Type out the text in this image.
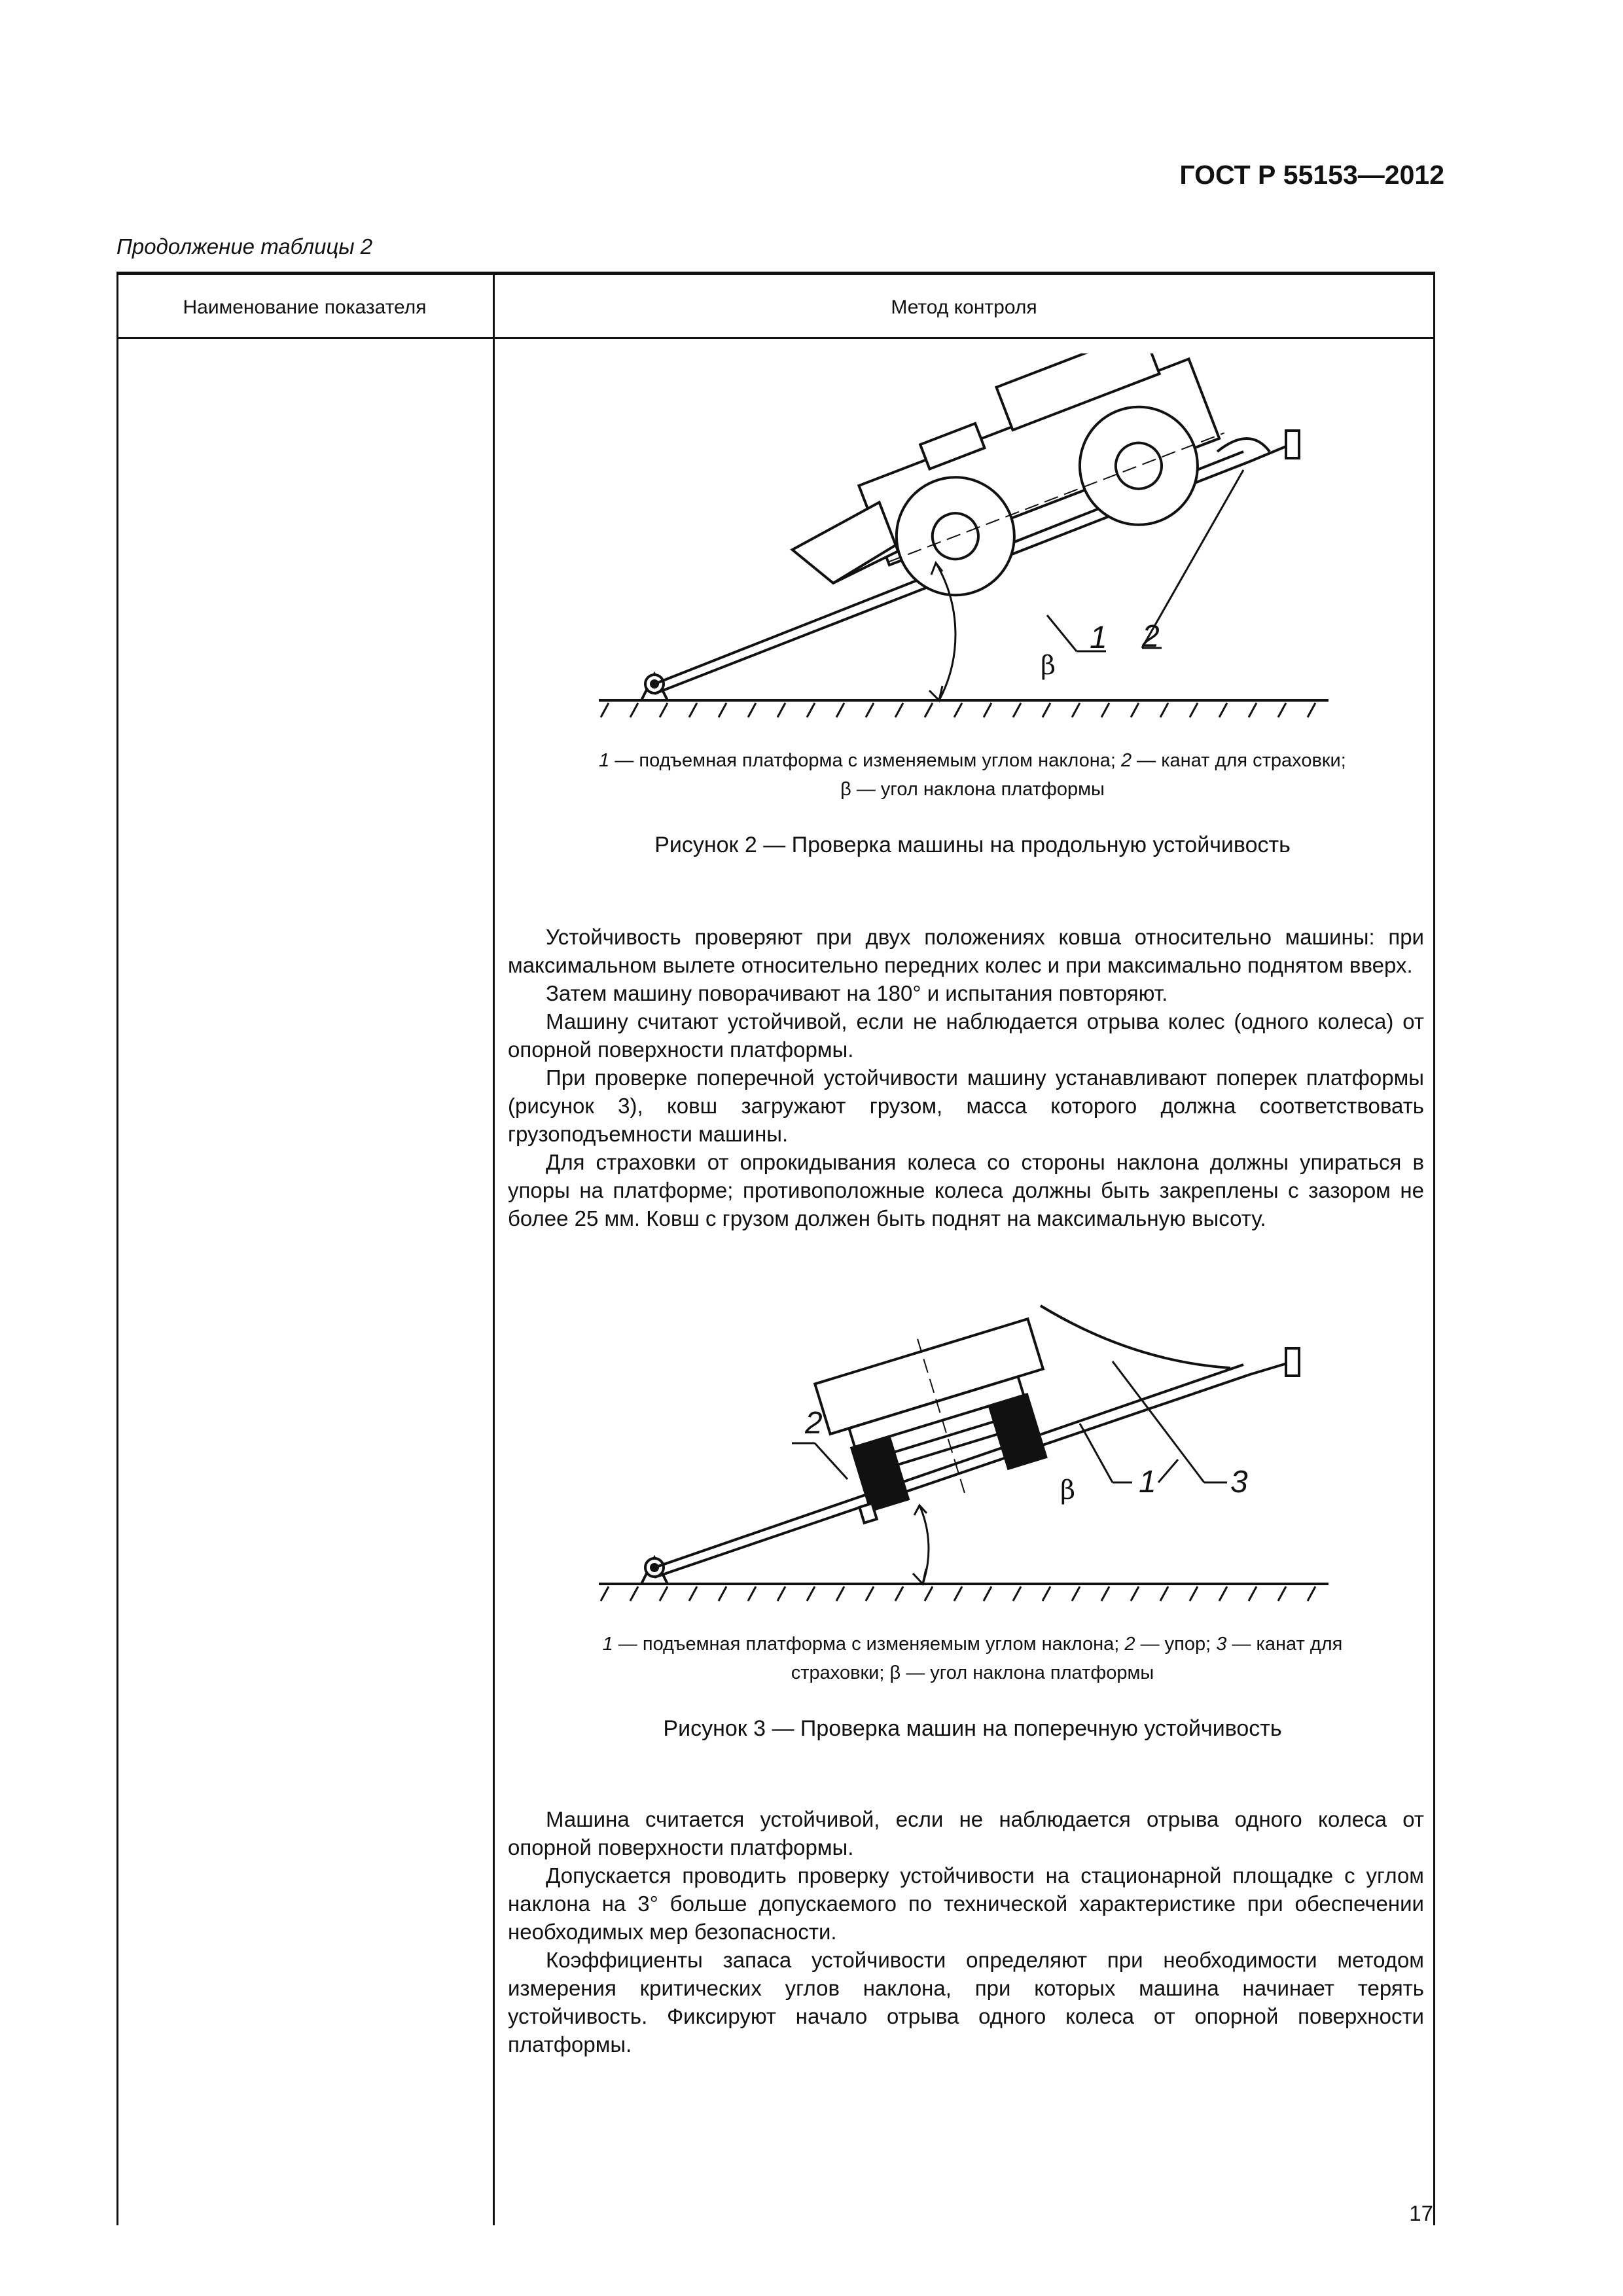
ГОСТ Р 55153—2012
Продолжение таблицы 2
Наименование показателя	Метод контроля
β
1 2
1 — подъемная платформа с изменяемым углом наклона; 2 — канат для страховки;
β — угол наклона платформы
Рисунок 2 — Проверка машины на продольную устойчивость

Устойчивость проверяют при двух положениях ковша относительно машины: при максимальном вылете относительно передних колес и при максимально поднятом вверх.

Затем машину поворачивают на 180° и испытания повторяют.

Машину считают устойчивой, если не наблюдается отрыва колес (одного колеса) от опорной поверхности платформы.

При проверке поперечной устойчивости машину устанавливают поперек платформы (рисунок 3), ковш загружают грузом, масса которого должна соответствовать грузоподъемности машины.

Для страховки от опрокидывания колеса со стороны наклона должны упираться в упоры на платформе; противоположные колеса должны быть закреплены с зазором не более 25 мм. Ковш с грузом должен быть поднят на максимальную высоту.

2
β 1 3
1 — подъемная платформа с изменяемым углом наклона; 2 — упор; 3 — канат для
страховки; β — угол наклона платформы
Рисунок 3 — Проверка машин на поперечную устойчивость

Машина считается устойчивой, если не наблюдается отрыва одного колеса от опорной поверхности платформы.

Допускается проводить проверку устойчивости на стационарной площадке с углом наклона на 3° больше допускаемого по технической характеристике при обеспечении необходимых мер безопасности.

Коэффициенты запаса устойчивости определяют при необходимости методом измерения критических углов наклона, при которых машина начинает терять устойчивость. Фиксируют начало отрыва одного колеса от опорной поверхности платформы.

17
